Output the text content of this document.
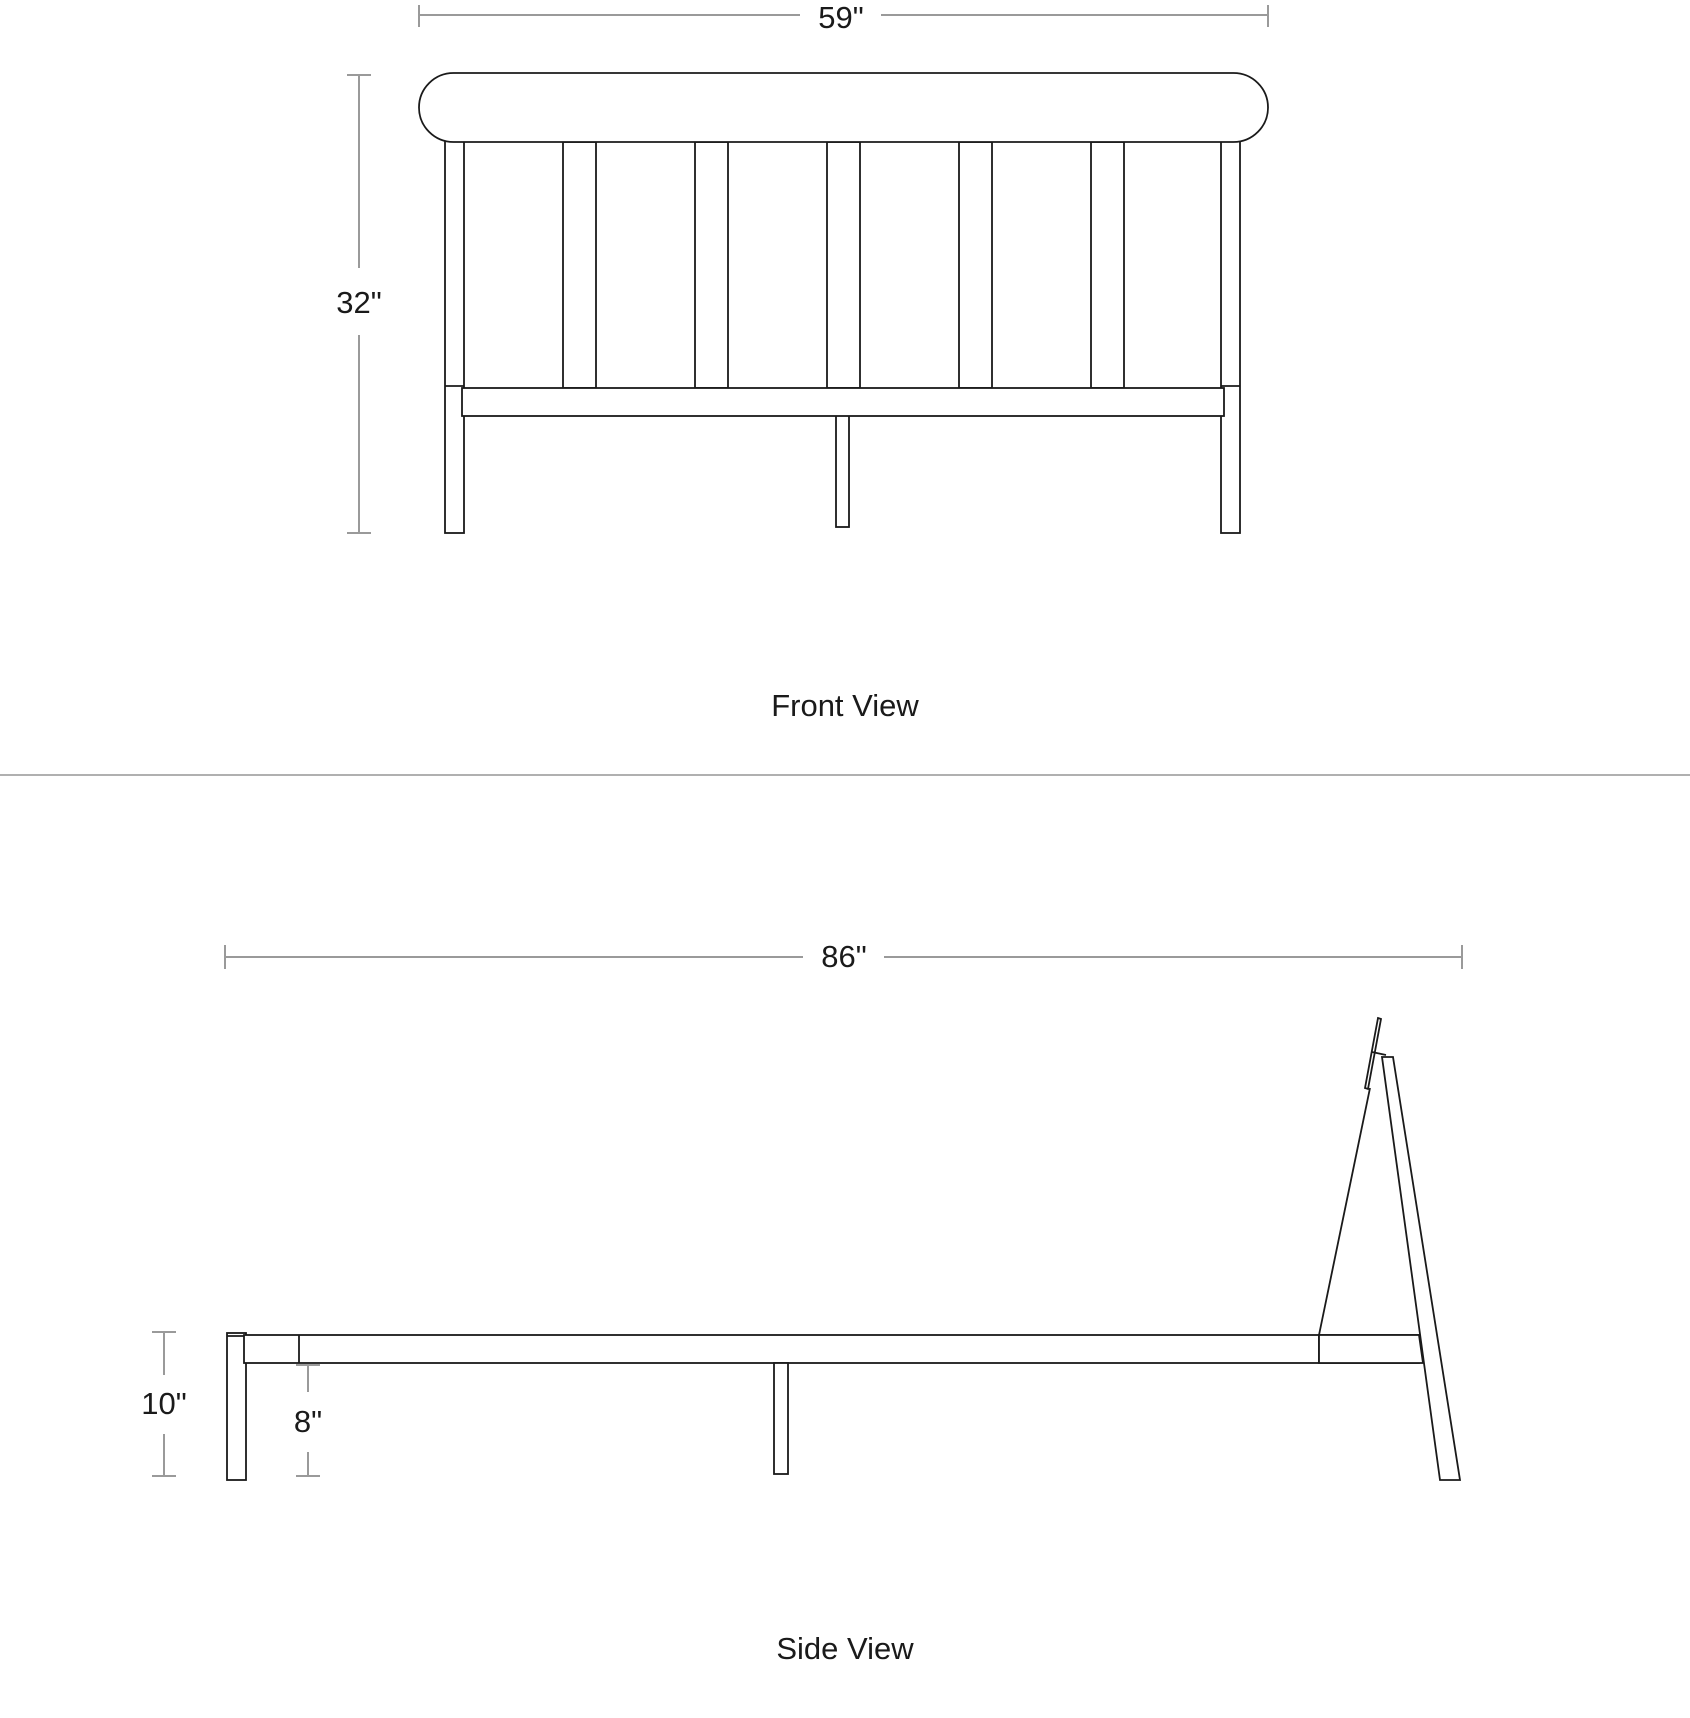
59"
32"
Front View
86"
10"
8"
Side View
